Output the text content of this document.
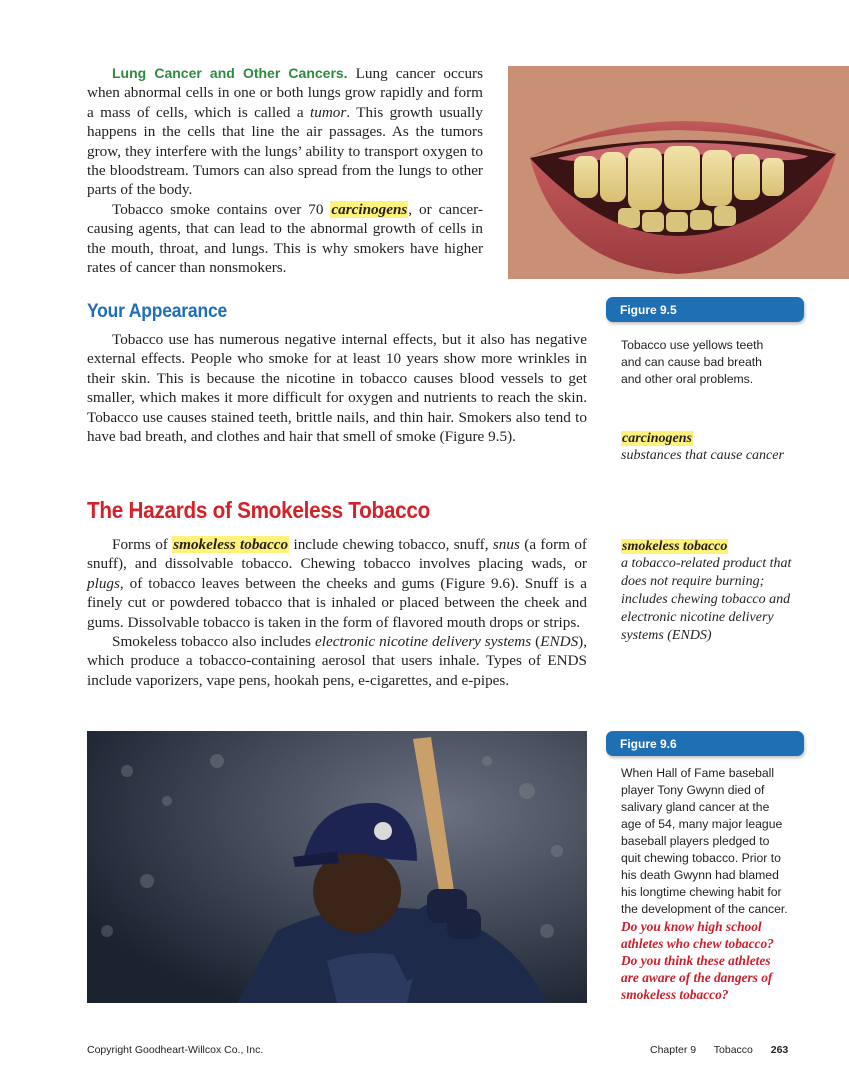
Lung Cancer and Other Cancers. Lung cancer occurs when abnormal cells in one or both lungs grow rapidly and form a mass of cells, which is called a tumor. This growth usually happens in the cells that line the air passages. As the tumors grow, they interfere with the lungs’ ability to transport oxygen to the bloodstream. Tumors can also spread from the lungs to other parts of the body.

Tobacco smoke contains over 70 carcinogens, or cancer-causing agents, that can lead to the abnormal growth of cells in the mouth, throat, and lungs. This is why smokers have higher rates of cancer than nonsmokers.

Figure 9.5

Tobacco use yellows teeth and can cause bad breath and other oral problems.

Your Appearance

Tobacco use has numerous negative internal effects, but it also has negative external effects. People who smoke for at least 10 years show more wrinkles in their skin. This is because the nicotine in tobacco causes blood vessels to get smaller, which makes it more difficult for oxygen and nutrients to reach the skin. Tobacco use causes stained teeth, brittle nails, and thin hair. Smokers also tend to have bad breath, and clothes and hair that smell of smoke (Figure 9.5).	carcinogens

substances that cause cancer

The Hazards of Smokeless Tobacco

Forms of smokeless tobacco include chewing tobacco, snuff, snus (a form of snuff), and dissolvable tobacco. Chewing tobacco involves placing wads, or plugs, of tobacco leaves between the cheeks and gums (Figure 9.6). Snuff is a finely cut or powdered tobacco that is inhaled or placed between the cheek and gums. Dissolvable tobacco is taken in the form of flavored mouth drops or strips.

Smokeless tobacco also includes electronic nicotine delivery systems (ENDS), which produce a tobacco-containing aerosol that users inhale. Types of ENDS include vaporizers, vape pens, hookah pens, e-cigarettes, and e-pipes.

smokeless tobacco

a tobacco-related product that does not require burning; includes chewing tobacco and electronic nicotine delivery systems (ENDS)

Figure 9.6

When Hall of Fame baseball player Tony Gwynn died of salivary gland cancer at the age of 54, many major league baseball players pledged to quit chewing tobacco. Prior to his death Gwynn had blamed his longtime chewing habit for the development of the cancer.

Do you know high school athletes who chew tobacco? Do you think these athletes are aware of the dangers of smokeless tobacco?
Copyright Goodheart-Willcox Co., Inc.	Chapter 9 Tobacco 263
